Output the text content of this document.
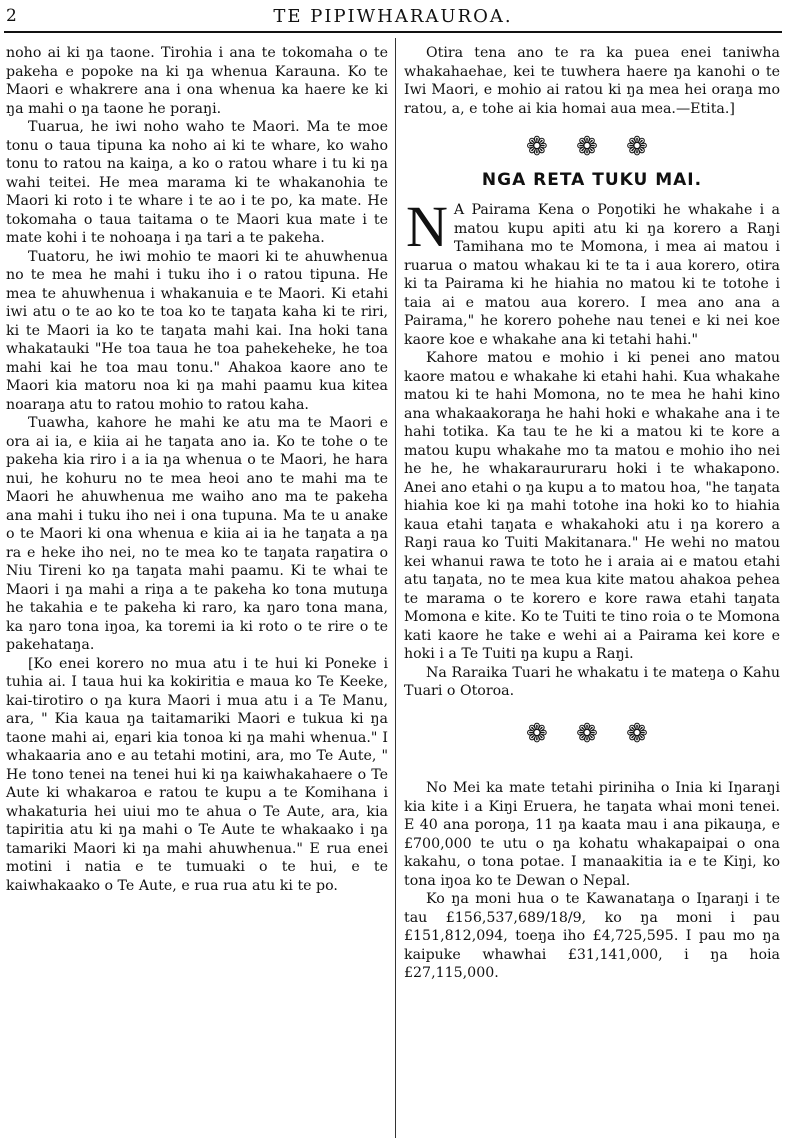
2	TE PIPIWHARAUROA.

noho ai ki ŋa taone. Tirohia i ana te tokomaha o te pakeha e popoke na ki ŋa whenua Karauna. Ko te Maori e whakrere ana i ona whenua ka haere ke ki ŋa mahi o ŋa taone he poraŋi.

Tuarua, he iwi noho waho te Maori. Ma te moe tonu o taua tipuna ka noho ai ki te whare, ko waho tonu to ratou na kaiŋa, a ko o ratou whare i tu ki ŋa wahi teitei. He mea marama ki te whakanohia te Maori ki roto i te whare i te ao i te po, ka mate. He tokomaha o taua taitama o te Maori kua mate i te mate kohi i te nohoaŋa i ŋa tari a te pakeha.

Tuatoru, he iwi mohio te maori ki te ahuwhenua no te mea he mahi i tuku iho i o ratou tipuna. He mea te ahuwhenua i whakanuia e te Maori. Ki etahi iwi atu o te ao ko te toa ko te taŋata kaha ki te riri, ki te Maori ia ko te taŋata mahi kai. Ina hoki tana whakatauki "He toa taua he toa pahekeheke, he toa mahi kai he toa mau tonu." Ahakoa kaore ano te Maori kia matoru noa ki ŋa mahi paamu kua kitea noaraŋa atu to ratou mohio to ratou kaha.

Tuawha, kahore he mahi ke atu ma te Maori e ora ai ia, e kiia ai he taŋata ano ia. Ko te tohe o te pakeha kia riro i a ia ŋa whenua o te Maori, he hara nui, he kohuru no te mea heoi ano te mahi ma te Maori he ahuwhenua me waiho ano ma te pakeha ana mahi i tuku iho nei i ona tupuna. Ma te u anake o te Maori ki ona whenua e kiia ai ia he taŋata a ŋa ra e heke iho nei, no te mea ko te taŋata raŋatira o Niu Tireni ko ŋa taŋata mahi paamu. Ki te whai te Maori i ŋa mahi a riŋa a te pakeha ko tona mutuŋa he takahia e te pakeha ki raro, ka ŋaro tona mana, ka ŋaro tona iŋoa, ka toremi ia ki roto o te rire o te pakehataŋa.

[Ko enei korero no mua atu i te hui ki Poneke i tuhia ai. I taua hui ka kokiritia e maua ko Te Keeke, kai-tirotiro o ŋa kura Maori i mua atu i a Te Manu, ara, " Kia kaua ŋa taitamariki Maori e tukua ki ŋa taone mahi ai, eŋari kia tonoa ki ŋa mahi whenua." I whakaaria ano e au tetahi motini, ara, mo Te Aute, " He tono tenei na tenei hui ki ŋa kaiwhakahaere o Te Aute ki whakaroa e ratou te kupu a te Komihana i whakaturia hei uiui mo te ahua o Te Aute, ara, kia tapiritia atu ki ŋa mahi o Te Aute te whakaako i ŋa tamariki Maori ki ŋa mahi ahuwhenua." E rua enei motini i natia e te tumuaki o te hui, e te kaiwhakaako o Te Aute, e rua rua atu ki te po.

Otira tena ano te ra ka puea enei taniwha whakahaehae, kei te tuwhera haere ŋa kanohi o te Iwi Maori, e mohio ai ratou ki ŋa mea hei oraŋa mo ratou, a, e tohe ai kia homai aua mea.—Etita.]

❁ ❁ ❁
NGA RETA TUKU MAI.

N A Pairama Kena o Poŋotiki he whakahe i a matou kupu apiti atu ki ŋa korero a Raŋi Tamihana mo te Momona, i mea ai matou i ruarua o matou whakau ki te ta i aua korero, otira ki ta Pairama ki he hiahia no matou ki te totohe i taia ai e matou aua korero. I mea ano ana a Pairama," he korero pohehe nau tenei e ki nei koe kaore koe e whakahe ana ki tetahi hahi."

Kahore matou e mohio i ki penei ano matou kaore matou e whakahe ki etahi hahi. Kua whakahe matou ki te hahi Momona, no te mea he hahi kino ana whakaakoraŋa he hahi hoki e whakahe ana i te hahi totika. Ka tau te he ki a matou ki te kore a matou kupu whakahe mo ta matou e mohio iho nei he he, he whakaraururaru hoki i te whakapono. Anei ano etahi o ŋa kupu a to matou hoa, "he taŋata hiahia koe ki ŋa mahi totohe ina hoki ko to hiahia kaua etahi taŋata e whakahoki atu i ŋa korero a Raŋi raua ko Tuiti Makitanara." He wehi no matou kei whanui rawa te toto he i araia ai e matou etahi atu taŋata, no te mea kua kite matou ahakoa pehea te marama o te korero e kore rawa etahi taŋata Momona e kite. Ko te Tuiti te tino roia o te Momona kati kaore he take e wehi ai a Pairama kei kore e hoki i a Te Tuiti ŋa kupu a Raŋi.

Na Raraika Tuari he whakatu i te mateŋa o Kahu Tuari o Otoroa.

❁ ❁ ❁

No Mei ka mate tetahi piriniha o Inia ki Iŋaraŋi kia kite i a Kiŋi Eruera, he taŋata whai moni tenei. E 40 ana poroŋa, 11 ŋa kaata mau i ana pikauŋa, e £700,000 te utu o ŋa kohatu whakapaipai o ona kakahu, o tona potae. I manaakitia ia e te Kiŋi, ko tona iŋoa ko te Dewan o Nepal.

Ko ŋa moni hua o te Kawanataŋa o Iŋaraŋi i te tau £156,537,689/18/9, ko ŋa moni i pau £151,812,094, toeŋa iho £4,725,595. I pau mo ŋa kaipuke whawhai £31,141,000, i ŋa hoia £27,115,000.
